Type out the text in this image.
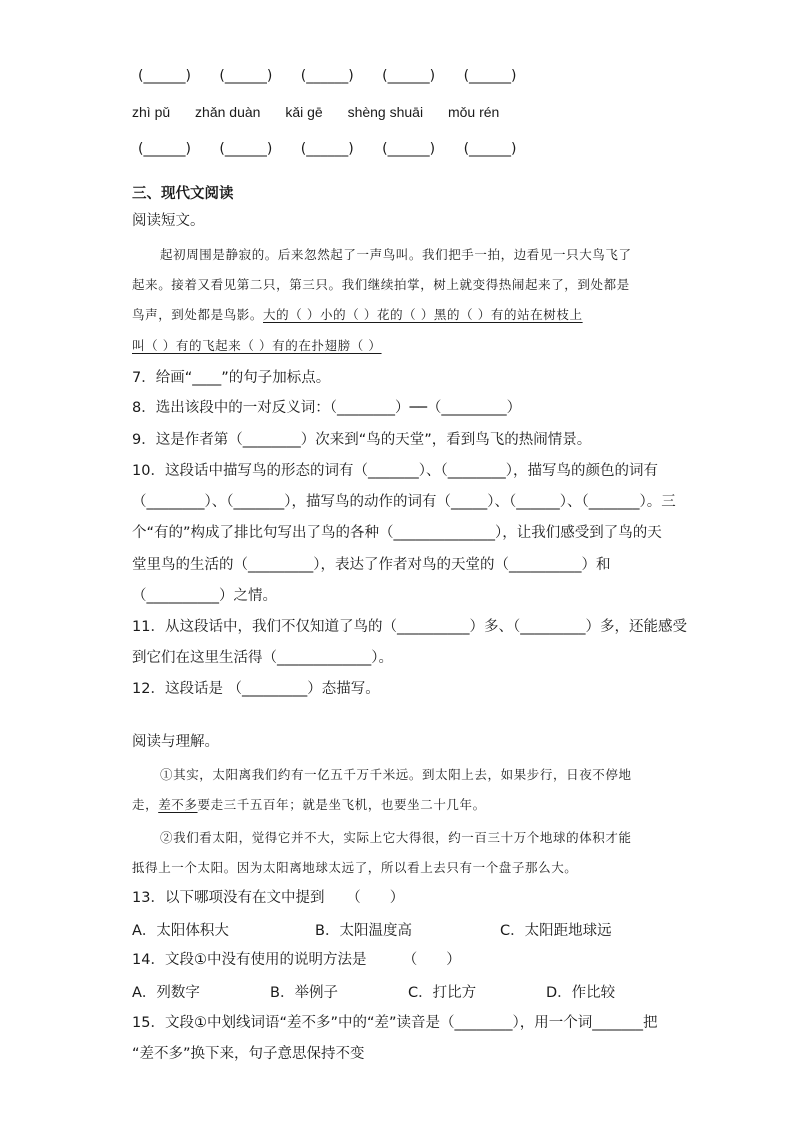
(______) (______) (______) (______) (______)
zhì pǔ zhǎn duàn kǎi gē shèng shuāi mǒu rén
(______) (______) (______) (______) (______)
三、现代文阅读
阅读短文。
起初周围是静寂的。后来忽然起了一声鸟叫。我们把手一拍，边看见一只大鸟飞了
起来。接着又看见第二只，第三只。我们继续拍掌，树上就变得热闹起来了，到处都是
鸟声，到处都是鸟影。大的（ ）小的（ ）花的（ ）黑的（ ）有的站在树枝上
叫（ ）有的飞起来（ ）有的在扑翅膀（ ）
7．给画“____”的句子加标点。
8．选出该段中的一对反义词：（________）──（_________）
9．这是作者第（________）次来到“鸟的天堂”，看到鸟飞的热闹情景。
10．这段话中描写鸟的形态的词有（_______）、（________），描写鸟的颜色的词有
（________）、（_______），描写鸟的动作的词有（_____）、（______）、（_______）。三
个“有的”构成了排比句写出了鸟的各种（______________），让我们感受到了鸟的天
堂里鸟的生活的（_________），表达了作者对鸟的天堂的（__________）和
（__________）之情。
11．从这段话中，我们不仅知道了鸟的（__________）多、（_________）多，还能感受
到它们在这里生活得（_____________）。
12．这段话是 （_________）态描写。
阅读与理解。
①其实，太阳离我们约有一亿五千万千米远。到太阳上去，如果步行，日夜不停地
走，差不多要走三千五百年；就是坐飞机，也要坐二十几年。
②我们看太阳，觉得它并不大，实际上它大得很，约一百三十万个地球的体积才能
抵得上一个太阳。因为太阳离地球太远了，所以看上去只有一个盘子那么大。
13．以下哪项没有在文中提到　　（　　）
A．太阳体积大	B．太阳温度高	C．太阳距地球远
14．文段①中没有使用的说明方法是　　　（　　）
A．列数字	B．举例子	C．打比方	D．作比较
15．文段①中划线词语“差不多”中的“差”读音是（________），用一个词_______把
“差不多”换下来，句子意思保持不变
